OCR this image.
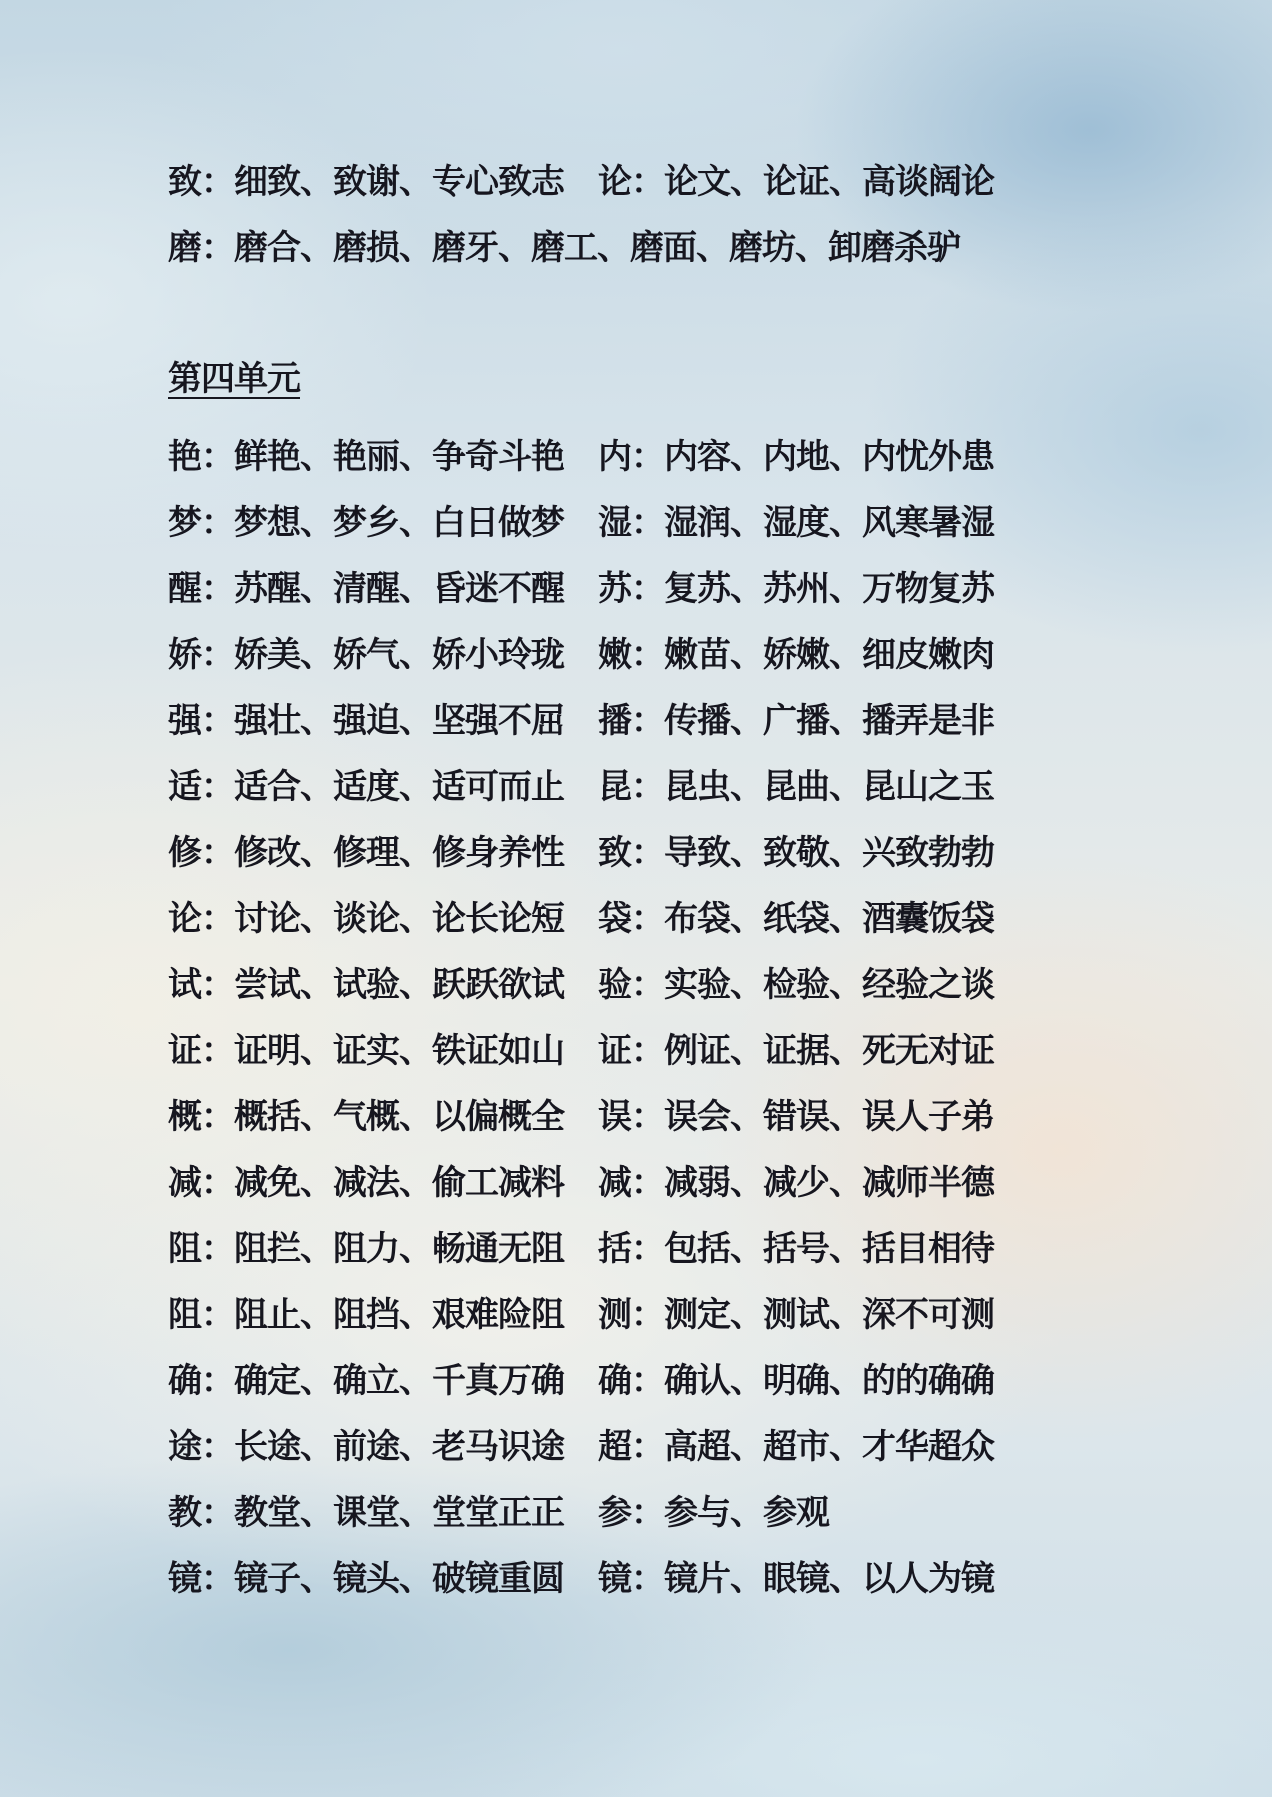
致：细致、致谢、专心致志	论：论文、论证、高谈阔论
磨：磨合、磨损、磨牙、磨工、磨面、磨坊、卸磨杀驴
第四单元
艳：鲜艳、艳丽、争奇斗艳	内：内容、内地、内忧外患
梦：梦想、梦乡、白日做梦	湿：湿润、湿度、风寒暑湿
醒：苏醒、清醒、昏迷不醒	苏：复苏、苏州、万物复苏
娇：娇美、娇气、娇小玲珑	嫩：嫩苗、娇嫩、细皮嫩肉
强：强壮、强迫、坚强不屈	播：传播、广播、播弄是非
适：适合、适度、适可而止	昆：昆虫、昆曲、昆山之玉
修：修改、修理、修身养性	致：导致、致敬、兴致勃勃
论：讨论、谈论、论长论短	袋：布袋、纸袋、酒囊饭袋
试：尝试、试验、跃跃欲试	验：实验、检验、经验之谈
证：证明、证实、铁证如山	证：例证、证据、死无对证
概：概括、气概、以偏概全	误：误会、错误、误人子弟
减：减免、减法、偷工减料	减：减弱、减少、减师半德
阻：阻拦、阻力、畅通无阻	括：包括、括号、括目相待
阻：阻止、阻挡、艰难险阻	测：测定、测试、深不可测
确：确定、确立、千真万确	确：确认、明确、的的确确
途：长途、前途、老马识途	超：高超、超市、才华超众
教：教堂、课堂、堂堂正正	参：参与、参观
镜：镜子、镜头、破镜重圆	镜：镜片、眼镜、以人为镜
